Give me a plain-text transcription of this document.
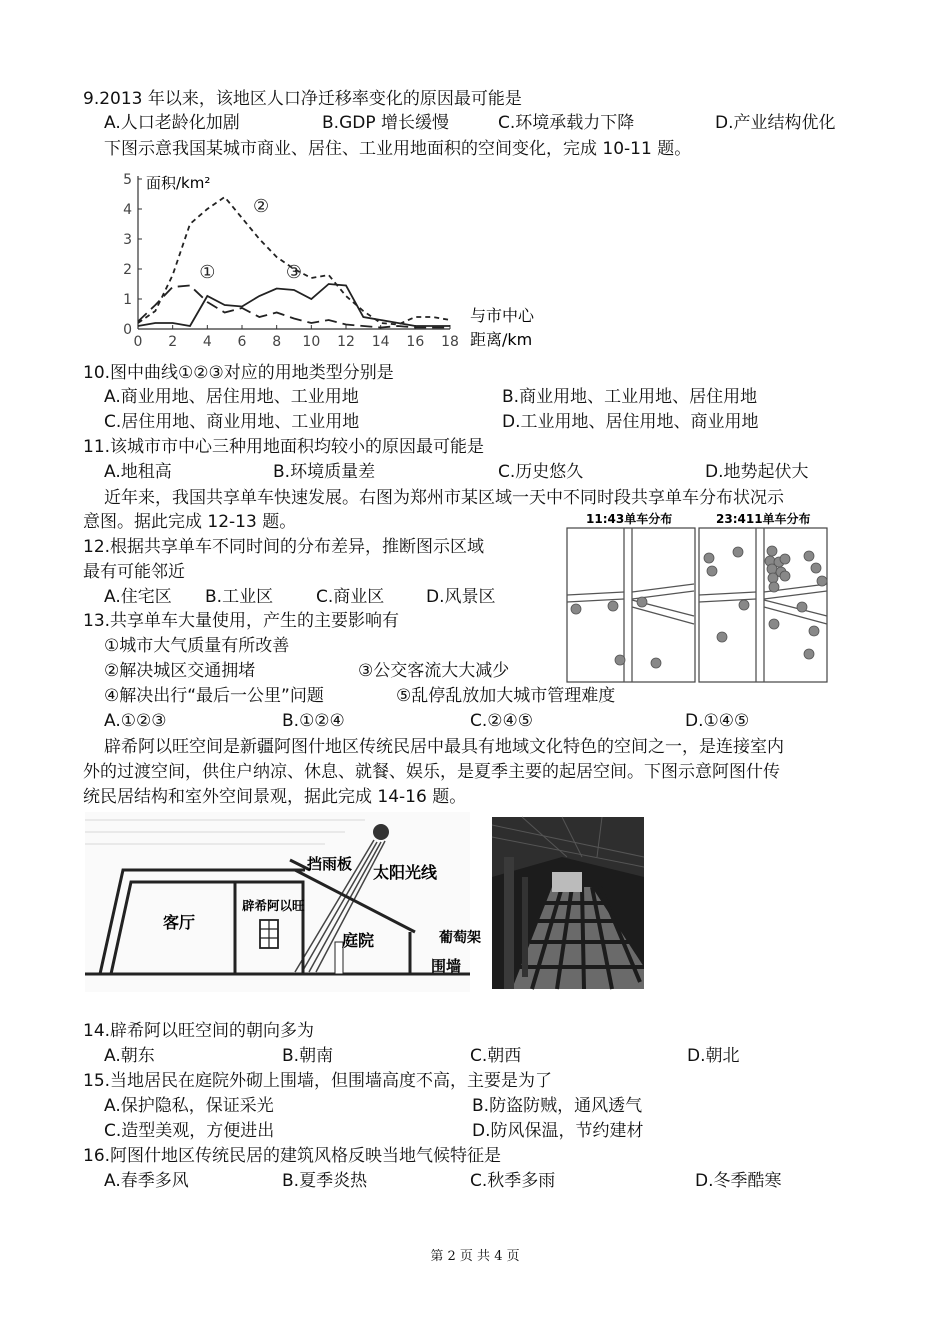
9.2013 年以来，该地区人口净迁移率变化的原因最可能是
A.人口老龄化加剧	B.GDP 增长缓慢	C.环境承载力下降	D.产业结构优化
下图示意我国某城市商业、居住、工业用地面积的空间变化，完成 10-11 题。
0
1
2
3
4
5
0 2 4 6 8 10 12 14 16 18
①
②
③
面积/km²
与市中心
距离/km
10.图中曲线①②③对应的用地类型分别是
A.商业用地、居住用地、工业用地	B.商业用地、工业用地、居住用地
C.居住用地、商业用地、工业用地	D.工业用地、居住用地、商业用地
11.该城市市中心三种用地面积均较小的原因最可能是
A.地租高	B.环境质量差	C.历史悠久	D.地势起伏大
近年来，我国共享单车快速发展。右图为郑州市某区域一天中不同时段共享单车分布状况示
意图。据此完成 12-13 题。	11:43单车分布	23:411单车分布
12.根据共享单车不同时间的分布差异，推断图示区域
最有可能邻近
A.住宅区 B.工业区	C.商业区 D.风景区
13.共享单车大量使用，产生的主要影响有
①城市大气质量有所改善
②解决城区交通拥堵	③公交客流大大减少
④解决出行“最后一公里”问题	⑤乱停乱放加大城市管理难度
A.①②③	B.①②④	C.②④⑤	D.①④⑤
辟希阿以旺空间是新疆阿图什地区传统民居中最具有地域文化特色的空间之一，是连接室内
外的过渡空间，供住户纳凉、休息、就餐、娱乐，是夏季主要的起居空间。下图示意阿图什传
统民居结构和室外空间景观，据此完成 14-16 题。
客厅
辟希阿以旺
挡雨板 太阳光线
庭院	葡萄架
围墙
14.辟希阿以旺空间的朝向多为
A.朝东	B.朝南	C.朝西	D.朝北
15.当地居民在庭院外砌上围墙，但围墙高度不高，主要是为了
A.保护隐私，保证采光	B.防盗防贼，通风透气
C.造型美观，方便进出	D.防风保温，节约建材
16.阿图什地区传统民居的建筑风格反映当地气候特征是
A.春季多风	B.夏季炎热	C.秋季多雨	D.冬季酷寒
第 2 页 共 4 页
